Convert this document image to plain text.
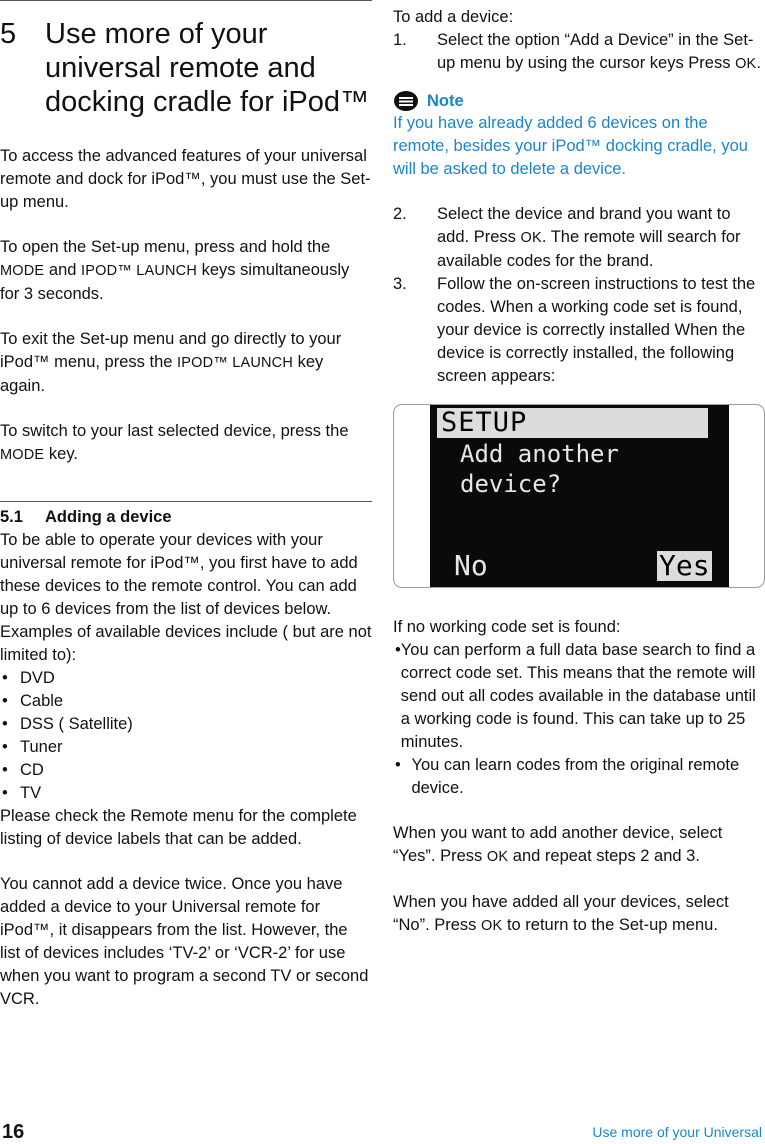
5 Use more of your universal remote and docking cradle for iPod™

To access the advanced features of your universal remote and dock for iPod™, you must use the Set-up menu.

To open the Set-up menu, press and hold the MODE and IPOD™ LAUNCH keys simultaneously for 3 seconds.

To exit the Set-up menu and go directly to your iPod™ menu, press the IPOD™ LAUNCH key again.

To switch to your last selected device, press the MODE key.

5.1	Adding a device

To be able to operate your devices with your universal remote for iPod™, you first have to add these devices to the remote control. You can add up to 6 devices from the list of devices below. Examples of available devices include ( but are not limited to):

• DVD
• Cable
• DSS ( Satellite)
• Tuner
• CD
• TV

Please check the Remote menu for the complete listing of device labels that can be added.

You cannot add a device twice. Once you have added a device to your Universal remote for iPod™, it disappears from the list. However, the list of devices includes ‘TV-2’ or ‘VCR-2’ for use when you want to program a second TV or second VCR.

To add a device:

1.	Select the option “Add a Device” in the Set-up menu by using the cursor keys Press OK.
Note

If you have already added 6 devices on the remote, besides your iPod™ docking cradle, you will be asked to delete a device.

2.	Select the device and brand you want to add. Press OK. The remote will search for available codes for the brand.
3.	Follow the on-screen instructions to test the codes. When a working code set is found, your device is correctly installed When the device is correctly installed, the following screen appears:
SETUP
Add another device?
No	Yes

If no working code set is found:

• You can perform a full data base search to find a correct code set. This means that the remote will send out all codes available in the database until a working code is found. This can take up to 25 minutes.
• You can learn codes from the original remote device.

When you want to add another device, select “Yes”. Press OK and repeat steps 2 and 3.

When you have added all your devices, select “No”. Press OK to return to the Set-up menu.

16	Use more of your Universal
